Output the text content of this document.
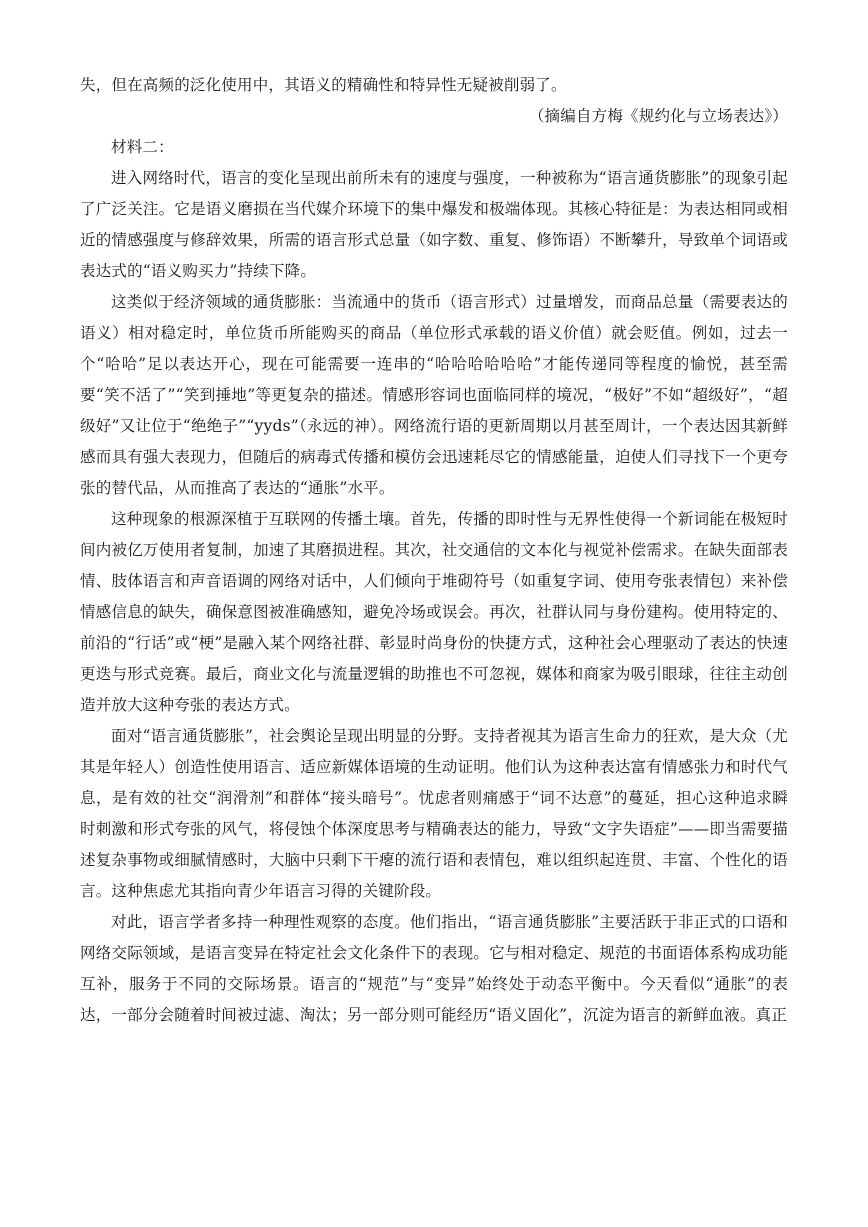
失，但在高频的泛化使用中，其语义的精确性和特异性无疑被削弱了。

（摘编自方梅《规约化与立场表达》）

材料二：

进入网络时代，语言的变化呈现出前所未有的速度与强度，一种被称为“语言通货膨胀”的现象引起了广泛关注。它是语义磨损在当代媒介环境下的集中爆发和极端体现。其核心特征是：为表达相同或相近的情感强度与修辞效果，所需的语言形式总量（如字数、重复、修饰语）不断攀升，导致单个词语或表达式的“语义购买力”持续下降。

这类似于经济领域的通货膨胀：当流通中的货币（语言形式）过量增发，而商品总量（需要表达的语义）相对稳定时，单位货币所能购买的商品（单位形式承载的语义价值）就会贬值。例如，过去一个“哈哈”足以表达开心，现在可能需要一连串的“哈哈哈哈哈哈”才能传递同等程度的愉悦，甚至需要“笑不活了”“笑到捶地”等更复杂的描述。情感形容词也面临同样的境况，“极好”不如“超级好”，“超级好”又让位于“绝绝子”“yyds”（永远的神）。网络流行语的更新周期以月甚至周计，一个表达因其新鲜感而具有强大表现力，但随后的病毒式传播和模仿会迅速耗尽它的情感能量，迫使人们寻找下一个更夸张的替代品，从而推高了表达的“通胀”水平。

这种现象的根源深植于互联网的传播土壤。首先，传播的即时性与无界性使得一个新词能在极短时间内被亿万使用者复制，加速了其磨损进程。其次，社交通信的文本化与视觉补偿需求。在缺失面部表情、肢体语言和声音语调的网络对话中，人们倾向于堆砌符号（如重复字词、使用夸张表情包）来补偿情感信息的缺失，确保意图被准确感知，避免冷场或误会。再次，社群认同与身份建构。使用特定的、前沿的“行话”或“梗”是融入某个网络社群、彰显时尚身份的快捷方式，这种社会心理驱动了表达的快速更迭与形式竞赛。最后，商业文化与流量逻辑的助推也不可忽视，媒体和商家为吸引眼球，往往主动创造并放大这种夸张的表达方式。

面对“语言通货膨胀”，社会舆论呈现出明显的分野。支持者视其为语言生命力的狂欢，是大众（尤其是年轻人）创造性使用语言、适应新媒体语境的生动证明。他们认为这种表达富有情感张力和时代气息，是有效的社交“润滑剂”和群体“接头暗号”。忧虑者则痛感于“词不达意”的蔓延，担心这种追求瞬时刺激和形式夸张的风气，将侵蚀个体深度思考与精确表达的能力，导致“文字失语症”——即当需要描述复杂事物或细腻情感时，大脑中只剩下干瘪的流行语和表情包，难以组织起连贯、丰富、个性化的语言。这种焦虑尤其指向青少年语言习得的关键阶段。

对此，语言学者多持一种理性观察的态度。他们指出，“语言通货膨胀”主要活跃于非正式的口语和网络交际领域，是语言变异在特定社会文化条件下的表现。它与相对稳定、规范的书面语体系构成功能互补，服务于不同的交际场景。语言的“规范”与“变异”始终处于动态平衡中。今天看似“通胀”的表达，一部分会随着时间被过滤、淘汰；另一部分则可能经历“语义固化”，沉淀为语言的新鲜血液。真正
